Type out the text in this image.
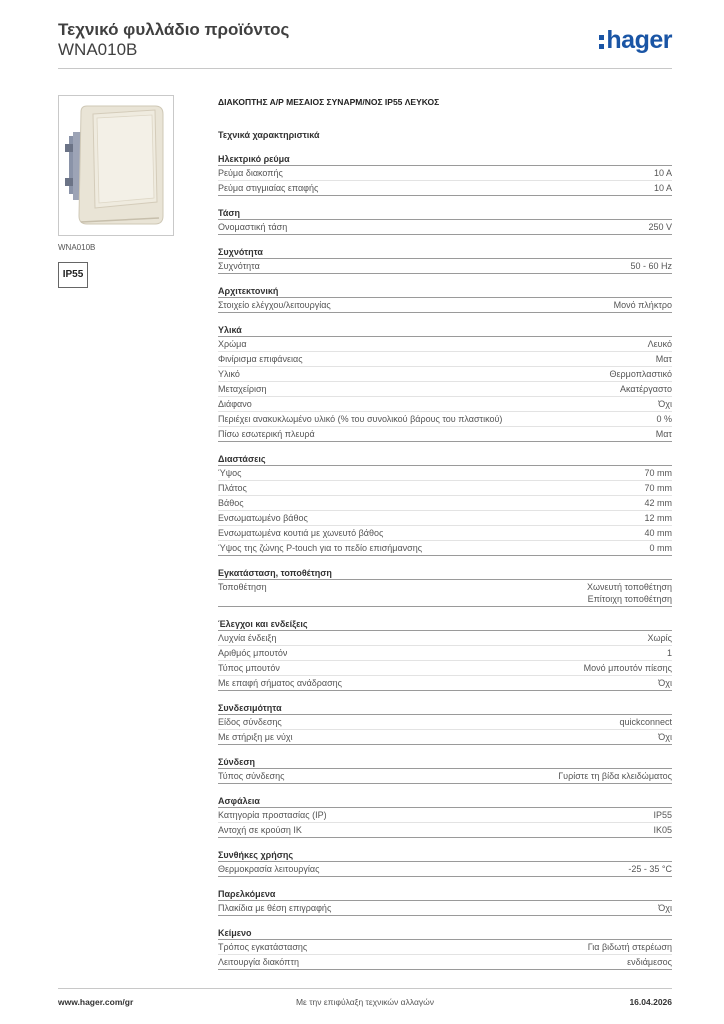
Τεχνικό φυλλάδιο προϊόντος
WNA010B	hager
WNA010B
IP55
ΔΙΑΚΟΠΤΗΣ Α/Ρ ΜΕΣΑΙΟΣ ΣΥΝΑΡΜ/ΝΟΣ IP55 ΛΕΥΚΟΣ
Τεχνικά χαρακτηριστικά
Ηλεκτρικό ρεύμα
Ρεύμα διακοπής	10 A
Ρεύμα στιγμιαίας επαφής	10 A
Τάση
Ονομαστική τάση	250 V
Συχνότητα
Συχνότητα	50 - 60 Hz
Αρχιτεκτονική
Στοιχείο ελέγχου/λειτουργίας	Μονό πλήκτρο
Υλικά
Χρώμα	Λευκό
Φινίρισμα επιφάνειας	Ματ
Υλικό	Θερμοπλαστικό
Μεταχείριση	Ακατέργαστο
Διάφανο	Όχι
Περιέχει ανακυκλωμένο υλικό (% του συνολικού βάρους του πλαστικού)	0 %
Πίσω εσωτερική πλευρά	Ματ
Διαστάσεις
Ύψος	70 mm
Πλάτος	70 mm
Βάθος	42 mm
Ενσωματωμένο βάθος	12 mm
Ενσωματωμένα κουτιά με χωνευτό βάθος	40 mm
Ύψος της ζώνης P-touch για το πεδίο επισήμανσης	0 mm
Εγκατάσταση, τοποθέτηση
Τοποθέτηση	Χωνευτή τοποθέτηση
Επίτοιχη τοποθέτηση
Έλεγχοι και ενδείξεις
Λυχνία ένδειξη	Χωρίς
Αριθμός μπουτόν	1
Τύπος μπουτόν	Μονό μπουτόν πίεσης
Με επαφή σήματος ανάδρασης	Όχι
Συνδεσιμότητα
Είδος σύνδεσης	quickconnect
Με στήριξη με νύχι	Όχι
Σύνδεση
Τύπος σύνδεσης	Γυρίστε τη βίδα κλειδώματος
Ασφάλεια
Κατηγορία προστασίας (IP)	IP55
Αντοχή σε κρούση IK	IK05
Συνθήκες χρήσης
Θερμοκρασία λειτουργίας	-25 - 35 °C
Παρελκόμενα
Πλακίδια με θέση επιγραφής	Όχι
Κείμενο
Τρόπος εγκατάστασης	Για βιδωτή στερέωση
Λειτουργία διακόπτη	ενδιάμεσος
www.hager.com/gr	Με την επιφύλαξη τεχνικών αλλαγών	16.04.2026
